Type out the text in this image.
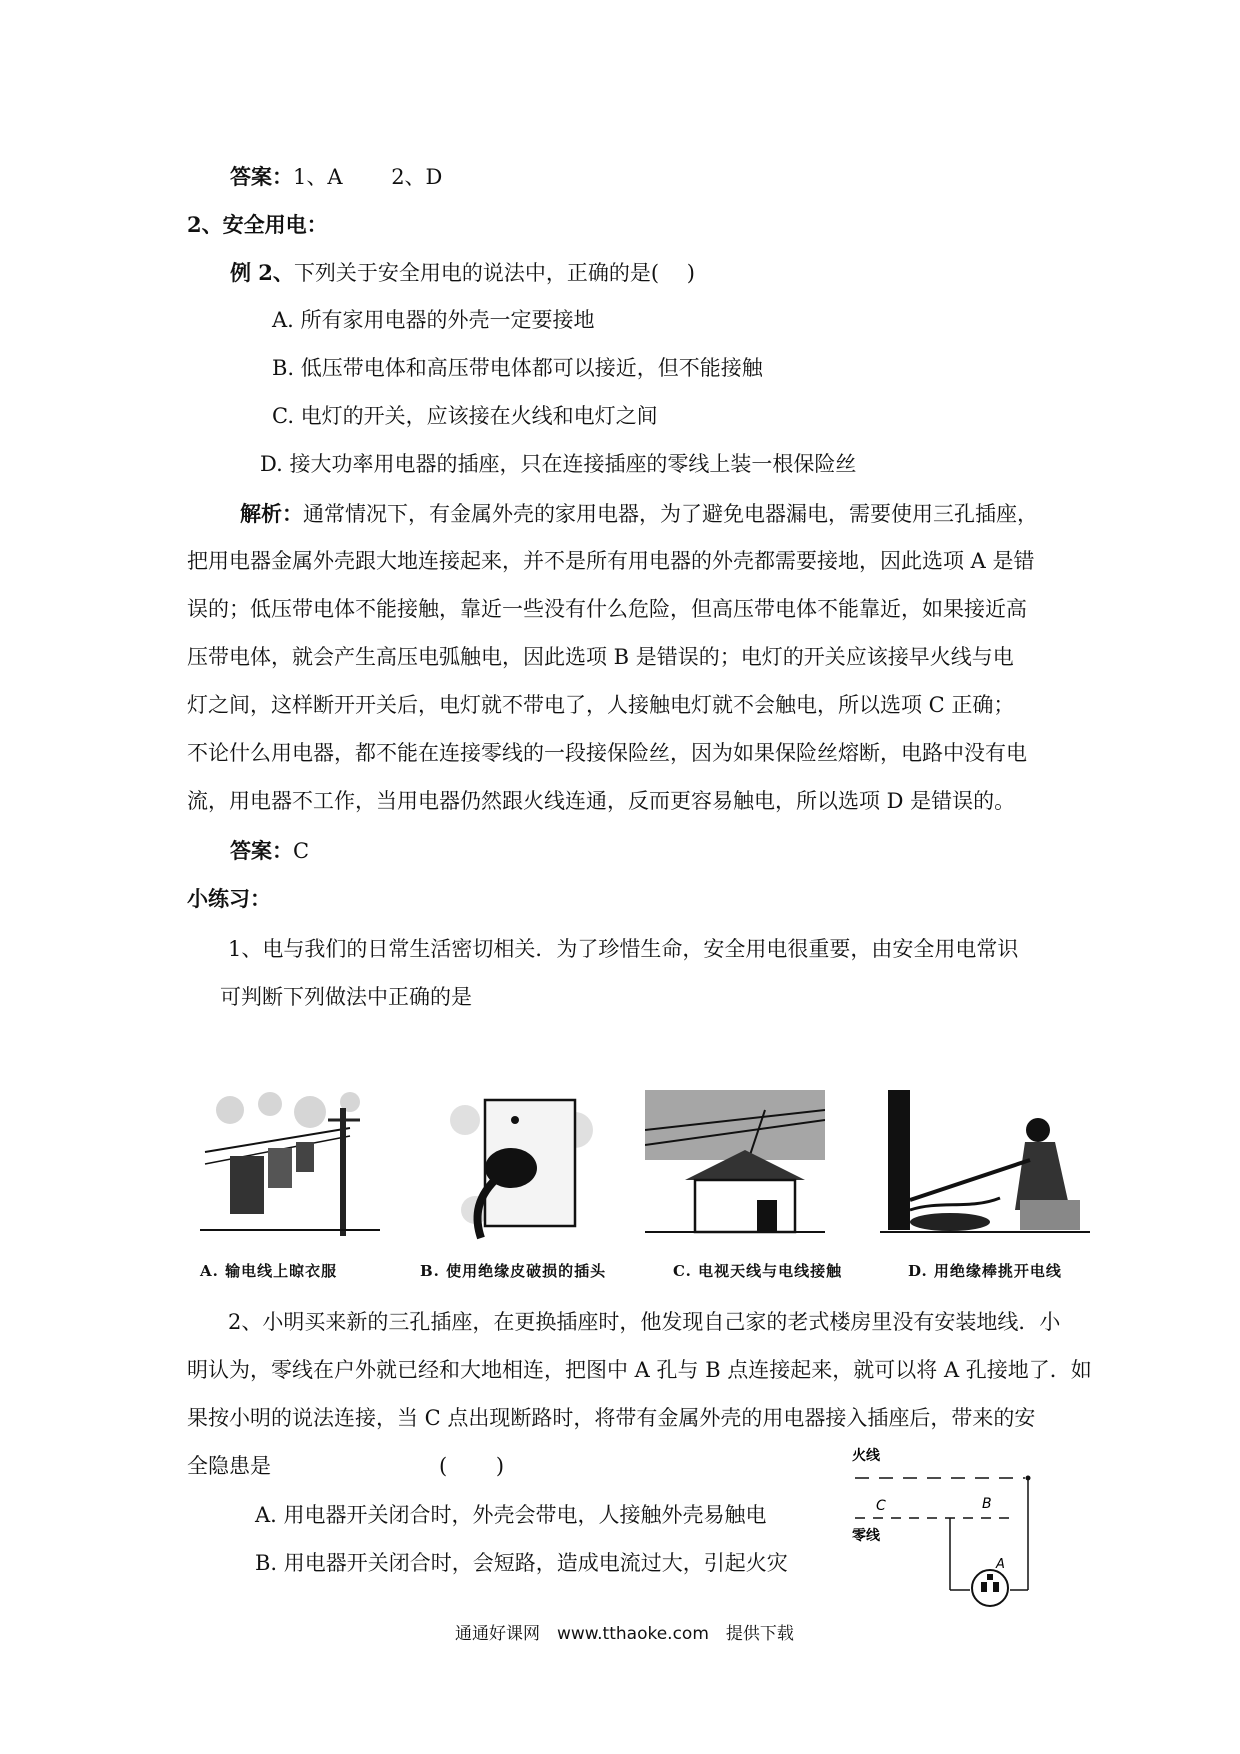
答案：1、A　　 2、D
2、安全用电：
例 2、下列关于安全用电的说法中，正确的是(　 )
A. 所有家用电器的外壳一定要接地
B. 低压带电体和高压带电体都可以接近，但不能接触
C. 电灯的开关，应该接在火线和电灯之间
D. 接大功率用电器的插座，只在连接插座的零线上装一根保险丝
解析：通常情况下，有金属外壳的家用电器，为了避免电器漏电，需要使用三孔插座，
把用电器金属外壳跟大地连接起来，并不是所有用电器的外壳都需要接地，因此选项 A 是错
误的；低压带电体不能接触，靠近一些没有什么危险，但高压带电体不能靠近，如果接近高
压带电体，就会产生高压电弧触电，因此选项 B 是错误的；电灯的开关应该接早火线与电
灯之间，这样断开开关后，电灯就不带电了，人接触电灯就不会触电，所以选项 C 正确；
不论什么用电器，都不能在连接零线的一段接保险丝，因为如果保险丝熔断，电路中没有电
流，用电器不工作，当用电器仍然跟火线连通，反而更容易触电，所以选项 D 是错误的。
答案：C
小练习：
1、电与我们的日常生活密切相关．为了珍惜生命，安全用电很重要，由安全用电常识
可判断下列做法中正确的是
A. 输电线上晾衣服	B. 使用绝缘皮破损的插头	C. 电视天线与电线接触	D. 用绝缘棒挑开电线
2、小明买来新的三孔插座，在更换插座时，他发现自己家的老式楼房里没有安装地线．小
明认为，零线在户外就已经和大地相连，把图中 A 孔与 B 点连接起来，就可以将 A 孔接地了．如
果按小明的说法连接，当 C 点出现断路时，将带有金属外壳的用电器接入插座后，带来的安
全隐患是　　　　　　　　(　　 )
A. 用电器开关闭合时，外壳会带电，人接触外壳易触电
B. 用电器开关闭合时，会短路，造成电流过大，引起火灾
火线
C	B
零线
A
通通好课网　www.tthaoke.com　提供下载
